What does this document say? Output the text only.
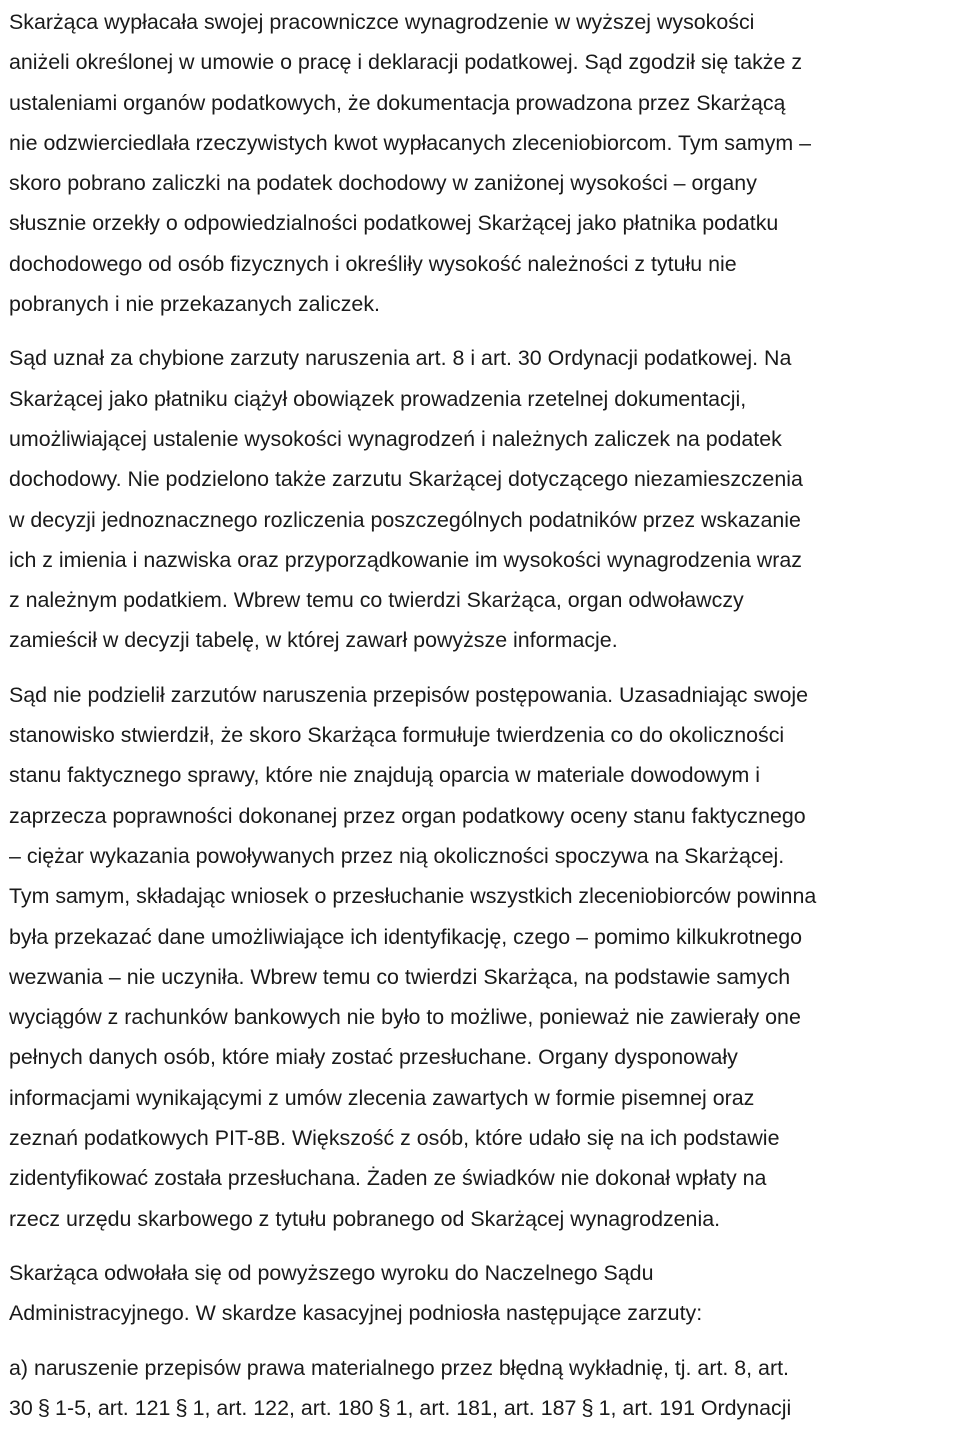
Skarżąca wypłacała swojej pracowniczce wynagrodzenie w wyższej wysokości
aniżeli określonej w umowie o pracę i deklaracji podatkowej. Sąd zgodził się także z
ustaleniami organów podatkowych, że dokumentacja prowadzona przez Skarżącą
nie odzwierciedlała rzeczywistych kwot wypłacanych zleceniobiorcom. Tym samym –
skoro pobrano zaliczki na podatek dochodowy w zaniżonej wysokości – organy
słusznie orzekły o odpowiedzialności podatkowej Skarżącej jako płatnika podatku
dochodowego od osób fizycznych i określiły wysokość należności z tytułu nie
pobranych i nie przekazanych zaliczek.
Sąd uznał za chybione zarzuty naruszenia art. 8 i art. 30 Ordynacji podatkowej. Na
Skarżącej jako płatniku ciążył obowiązek prowadzenia rzetelnej dokumentacji,
umożliwiającej ustalenie wysokości wynagrodzeń i należnych zaliczek na podatek
dochodowy. Nie podzielono także zarzutu Skarżącej dotyczącego niezamieszczenia
w decyzji jednoznacznego rozliczenia poszczególnych podatników przez wskazanie
ich z imienia i nazwiska oraz przyporządkowanie im wysokości wynagrodzenia wraz
z należnym podatkiem. Wbrew temu co twierdzi Skarżąca, organ odwoławczy
zamieścił w decyzji tabelę, w której zawarł powyższe informacje.
Sąd nie podzielił zarzutów naruszenia przepisów postępowania. Uzasadniając swoje
stanowisko stwierdził, że skoro Skarżąca formułuje twierdzenia co do okoliczności
stanu faktycznego sprawy, które nie znajdują oparcia w materiale dowodowym i
zaprzecza poprawności dokonanej przez organ podatkowy oceny stanu faktycznego
– ciężar wykazania powoływanych przez nią okoliczności spoczywa na Skarżącej.
Tym samym, składając wniosek o przesłuchanie wszystkich zleceniobiorców powinna
była przekazać dane umożliwiające ich identyfikację, czego – pomimo kilkukrotnego
wezwania – nie uczyniła. Wbrew temu co twierdzi Skarżąca, na podstawie samych
wyciągów z rachunków bankowych nie było to możliwe, ponieważ nie zawierały one
pełnych danych osób, które miały zostać przesłuchane. Organy dysponowały
informacjami wynikającymi z umów zlecenia zawartych w formie pisemnej oraz
zeznań podatkowych PIT-8B. Większość z osób, które udało się na ich podstawie
zidentyfikować została przesłuchana. Żaden ze świadków nie dokonał wpłaty na
rzecz urzędu skarbowego z tytułu pobranego od Skarżącej wynagrodzenia.
Skarżąca odwołała się od powyższego wyroku do Naczelnego Sądu
Administracyjnego. W skardze kasacyjnej podniosła następujące zarzuty:
a) naruszenie przepisów prawa materialnego przez błędną wykładnię, tj. art. 8, art.
30 § 1-5, art. 121 § 1, art. 122, art. 180 § 1, art. 181, art. 187 § 1, art. 191 Ordynacji
